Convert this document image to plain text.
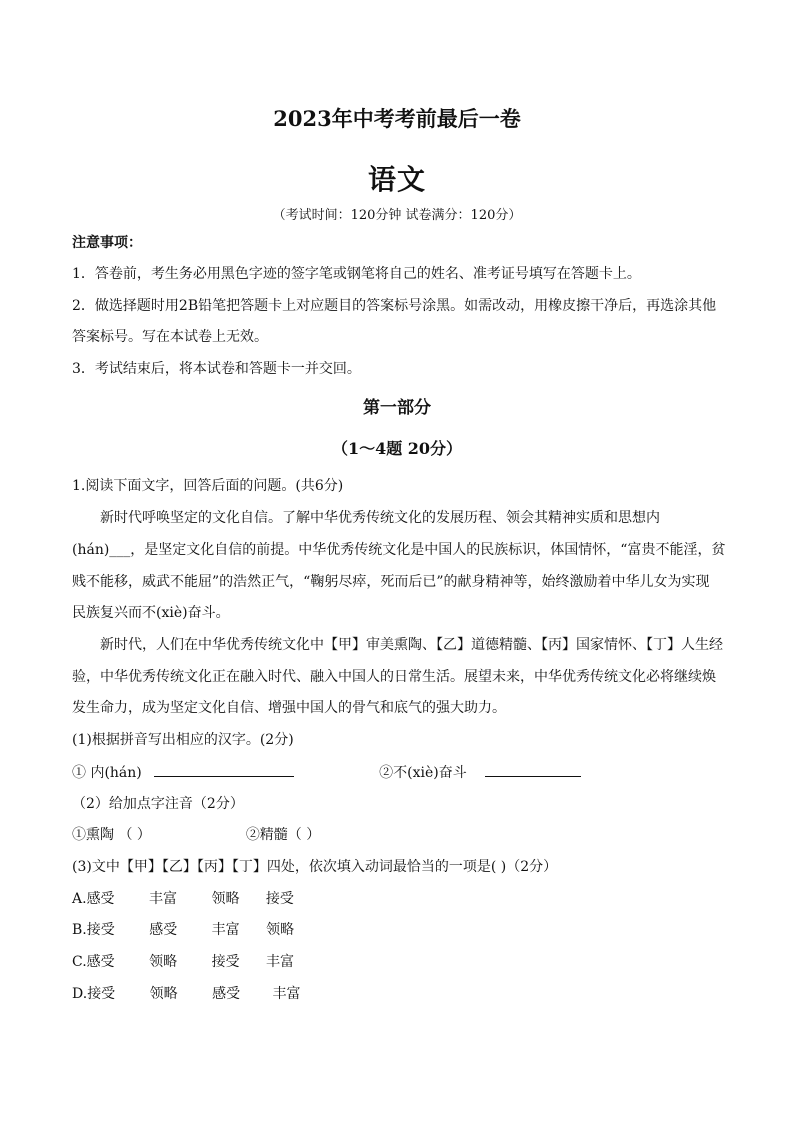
2023年中考考前最后一卷
语文
（考试时间：120分钟 试卷满分：120分）
注意事项：
1．答卷前，考生务必用黑色字迹的签字笔或钢笔将自己的姓名、准考证号填写在答题卡上。
2．做选择题时用2B铅笔把答题卡上对应题目的答案标号涂黑。如需改动，用橡皮擦干净后，再选涂其他
答案标号。写在本试卷上无效。
3．考试结束后，将本试卷和答题卡一并交回。
第一部分
（1～4题 20分）
1.阅读下面文字，回答后面的问题。(共6分)
新时代呼唤坚定的文化自信。了解中华优秀传统文化的发展历程、领会其精神实质和思想内
(hán)___，是坚定文化自信的前提。中华优秀传统文化是中国人的民族标识，体国情怀，“富贵不能淫，贫
贱不能移，威武不能屈”的浩然正气，“鞠躬尽瘁，死而后已”的献身精神等，始终激励着中华儿女为实现
民族复兴而不(xiè)奋斗。
新时代，人们在中华优秀传统文化中【甲】审美熏陶、【乙】道德精髓、【丙】国家情怀、【丁】人生经
验，中华优秀传统文化正在融入时代、融入中国人的日常生活。展望未来，中华优秀传统文化必将继续焕
发生命力，成为坚定文化自信、增强中国人的骨气和底气的强大助力。
(1)根据拼音写出相应的汉字。(2分)
① 内(hán)	②不(xiè)奋斗
（2）给加点字注音（2分）
①熏陶 （ ）	②精髓（ ）
(3)文中【甲】【乙】【丙】【丁】四处，依次填入动词最恰当的一项是( )（2分）
A.感受 丰富 领略 接受
B.接受 感受 丰富 领略
C.感受 领略 接受 丰富
D.接受 领略 感受 丰富
